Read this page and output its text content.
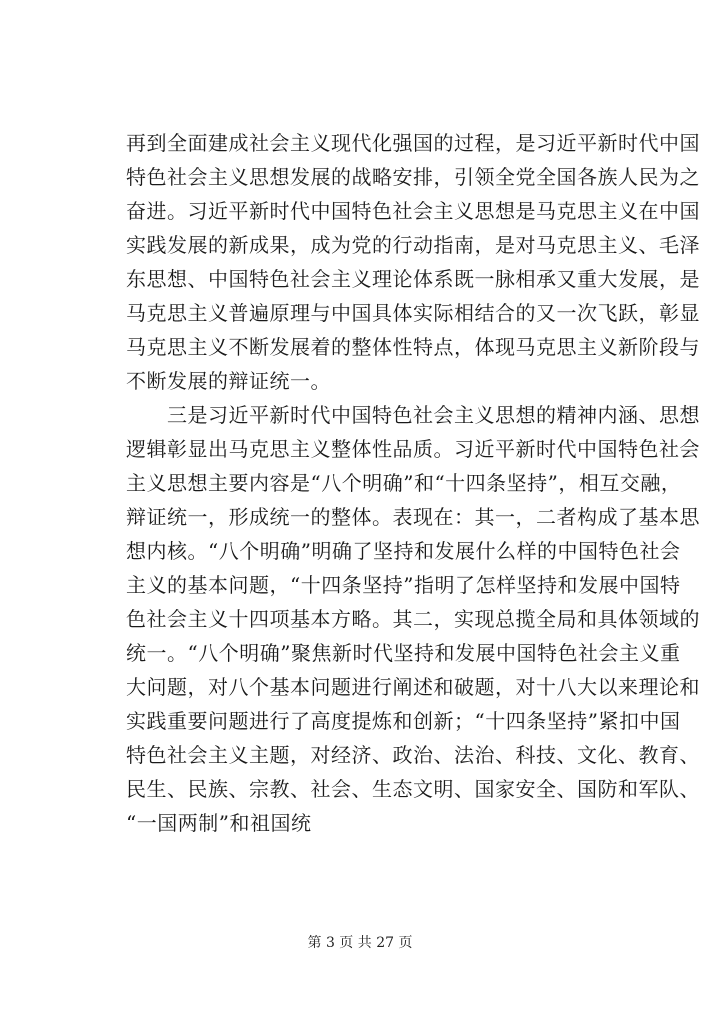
再到全面建成社会主义现代化强国的过程，是习近平新时代中国
特色社会主义思想发展的战略安排，引领全党全国各族人民为之
奋进。习近平新时代中国特色社会主义思想是马克思主义在中国
实践发展的新成果，成为党的行动指南，是对马克思主义、毛泽
东思想、中国特色社会主义理论体系既一脉相承又重大发展，是
马克思主义普遍原理与中国具体实际相结合的又一次飞跃，彰显
马克思主义不断发展着的整体性特点，体现马克思主义新阶段与
不断发展的辩证统一。
　　三是习近平新时代中国特色社会主义思想的精神内涵、思想
逻辑彰显出马克思主义整体性品质。习近平新时代中国特色社会
主义思想主要内容是“八个明确”和“十四条坚持”，相互交融，
辩证统一，形成统一的整体。表现在：其一，二者构成了基本思
想内核。“八个明确”明确了坚持和发展什么样的中国特色社会
主义的基本问题，“十四条坚持”指明了怎样坚持和发展中国特
色社会主义十四项基本方略。其二，实现总揽全局和具体领域的
统一。“八个明确”聚焦新时代坚持和发展中国特色社会主义重
大问题，对八个基本问题进行阐述和破题，对十八大以来理论和
实践重要问题进行了高度提炼和创新；“十四条坚持”紧扣中国
特色社会主义主题，对经济、政治、法治、科技、文化、教育、
民生、民族、宗教、社会、生态文明、国家安全、国防和军队、
“一国两制”和祖国统
第 3 页 共 27 页
